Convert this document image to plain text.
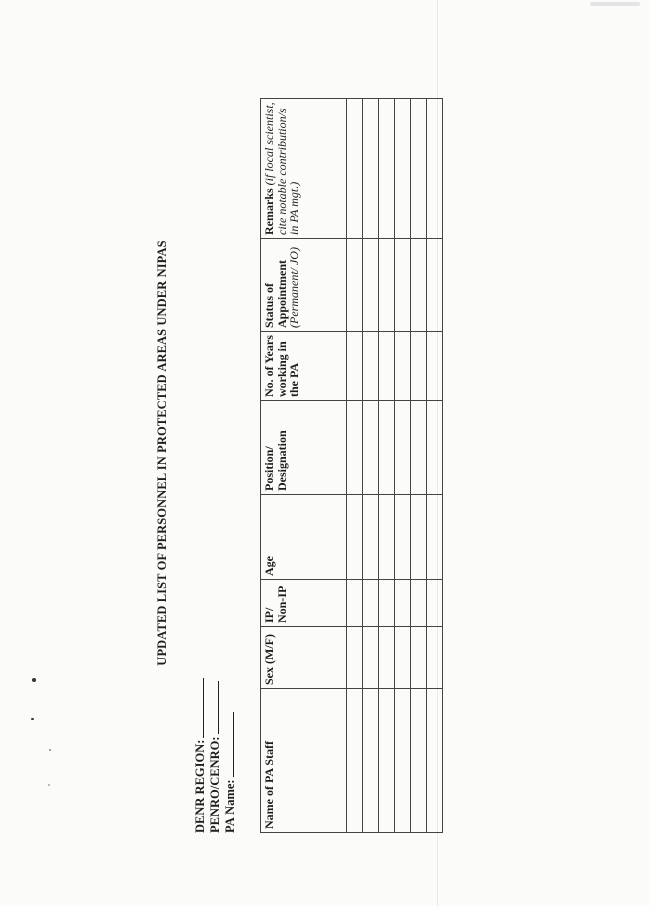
UPDATED LIST OF PERSONNEL IN PROTECTED AREAS UNDER NIPAS
DENR REGION: PENRO/CENRO: PA Name: Name of PA Staff	Sex (M/F)	IP/ Non-IP	Age	Position/ Designation	No. of Years working in the PA	Status of Appointment (Permanent/ JO)	Remarks (if local scientist, cite notable contribution/s in PA mgt.)
